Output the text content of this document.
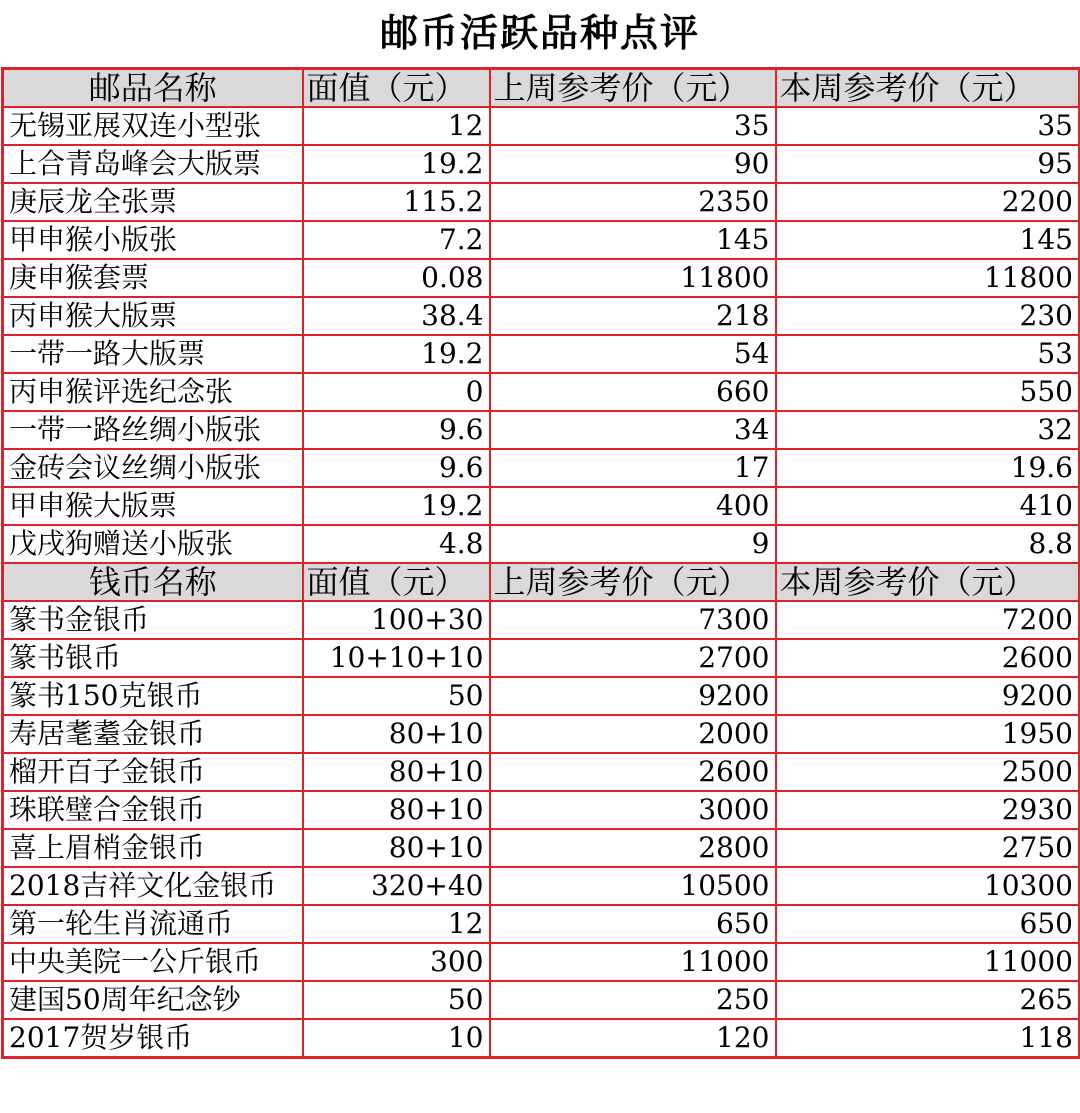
邮币活跃品种点评
邮品名称	面值（元）	上周参考价（元）	本周参考价（元）
无锡亚展双连小型张	12	35	35
上合青岛峰会大版票	19.2	90	95
庚辰龙全张票	115.2	2350	2200
甲申猴小版张	7.2	145	145
庚申猴套票	0.08	11800	11800
丙申猴大版票	38.4	218	230
一带一路大版票	19.2	54	53
丙申猴评选纪念张	0	660	550
一带一路丝绸小版张	9.6	34	32
金砖会议丝绸小版张	9.6	17	19.6
甲申猴大版票	19.2	400	410
戊戌狗赠送小版张	4.8	9	8.8
钱币名称	面值（元）	上周参考价（元）	本周参考价（元）
篆书金银币	100+30	7300	7200
篆书银币	10+10+10	2700	2600
篆书150克银币	50	9200	9200
寿居耄耋金银币	80+10	2000	1950
榴开百子金银币	80+10	2600	2500
珠联璧合金银币	80+10	3000	2930
喜上眉梢金银币	80+10	2800	2750
2018吉祥文化金银币	320+40	10500	10300
第一轮生肖流通币	12	650	650
中央美院一公斤银币	300	11000	11000
建国50周年纪念钞	50	250	265
2017贺岁银币	10	120	118
